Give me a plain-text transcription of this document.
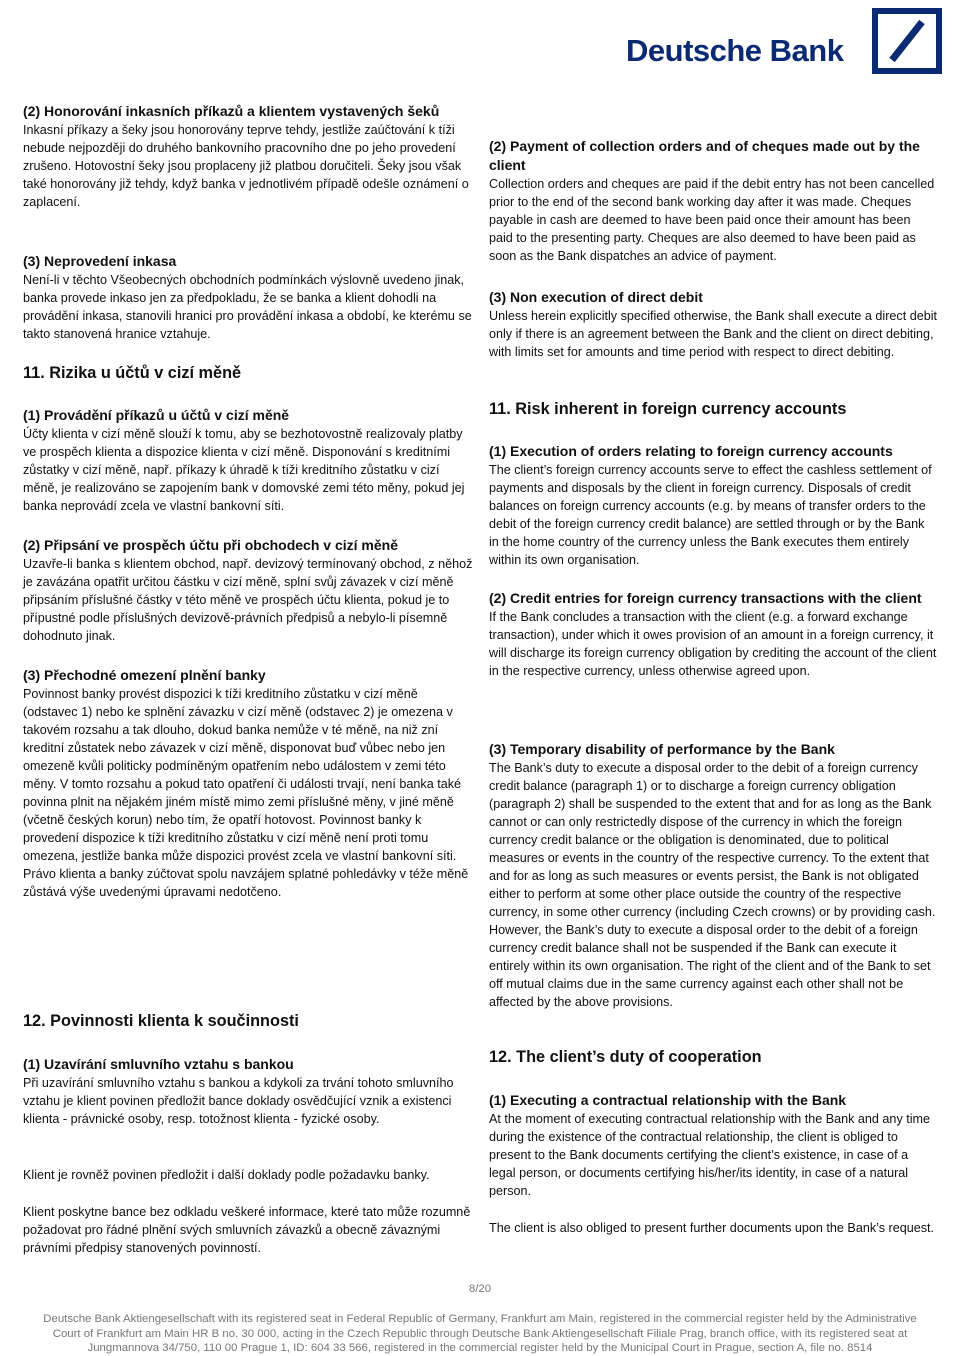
Deutsche Bank
(2) Honorování inkasních příkazů a klientem vystavených šeků

Inkasní příkazy a šeky jsou honorovány teprve tehdy, jestliže zaúčtování k tíži nebude nejpozději do druhého bankovního pracovního dne po jeho provedení zrušeno. Hotovostní šeky jsou proplaceny již platbou doručiteli. Šeky jsou však také honorovány již tehdy, když banka v jednotlivém případě odešle oznámení o zaplacení.

(3) Neprovedení inkasa

Není-li v těchto Všeobecných obchodních podmínkách výslovně uvedeno jinak, banka provede inkaso jen za předpokladu, že se banka a klient dohodli na provádění inkasa, stanovili hranici pro provádění inkasa a období, ke kterému se takto stanovená hranice vztahuje.

11. Rizika u účtů v cizí měně
(1) Provádění příkazů u účtů v cizí měně

Účty klienta v cizí měně slouží k tomu, aby se bezhotovostně realizovaly platby ve prospěch klienta a dispozice klienta v cizí měně. Disponování s kreditními zůstatky v cizí měně, např. příkazy k úhradě k tíži kreditního zůstatku v cizí měně, je realizováno se zapojením bank v domovské zemi této měny, pokud jej banka neprovádí zcela ve vlastní bankovní síti.

(2) Připsání ve prospěch účtu při obchodech v cizí měně

Uzavře-li banka s klientem obchod, např. devizový termínovaný obchod, z něhož je zavázána opatřit určitou částku v cizí měně, splní svůj závazek v cizí měně připsáním příslušné částky v této měně ve prospěch účtu klienta, pokud je to přípustné podle příslušných devizově-právních předpisů a nebylo-li písemně dohodnuto jinak.

(3) Přechodné omezení plnění banky

Povinnost banky provést dispozici k tíži kreditního zůstatku v cizí měně (odstavec 1) nebo ke splnění závazku v cizí měně (odstavec 2) je omezena v takovém rozsahu a tak dlouho, dokud banka nemůže v té měně, na niž zní kreditní zůstatek nebo závazek v cizí měně, disponovat buď vůbec nebo jen omezeně kvůli politicky podmíněným opatřením nebo událostem v zemi této měny. V tomto rozsahu a pokud tato opatření či události trvají, není banka také povinna plnit na nějakém jiném místě mimo zemi příslušné měny, v jiné měně (včetně českých korun) nebo tím, že opatří hotovost. Povinnost banky k provedení dispozice k tíži kreditního zůstatku v cizí měně není proti tomu omezena, jestliže banka může dispozici provést zcela ve vlastní bankovní síti. Právo klienta a banky zúčtovat spolu navzájem splatné pohledávky v téže měně zůstává výše uvedenými úpravami nedotčeno.

12. Povinnosti klienta k součinnosti
(1) Uzavírání smluvního vztahu s bankou

Při uzavírání smluvního vztahu s bankou a kdykoli za trvání tohoto smluvního vztahu je klient povinen předložit bance doklady osvědčující vznik a existenci klienta - právnické osoby, resp. totožnost klienta - fyzické osoby.

Klient je rovněž povinen předložit i další doklady podle požadavku banky.

Klient poskytne bance bez odkladu veškeré informace, které tato může rozumně požadovat pro řádné plnění svých smluvních závazků a obecně závaznými právními předpisy stanovených povinností.

(2) Payment of collection orders and of cheques made out by the client

Collection orders and cheques are paid if the debit entry has not been cancelled prior to the end of the second bank working day after it was made. Cheques payable in cash are deemed to have been paid once their amount has been paid to the presenting party. Cheques are also deemed to have been paid as soon as the Bank dispatches an advice of payment.

(3) Non execution of direct debit

Unless herein explicitly specified otherwise, the Bank shall execute a direct debit only if there is an agreement between the Bank and the client on direct debiting, with limits set for amounts and time period with respect to direct debiting.

11. Risk inherent in foreign currency accounts
(1) Execution of orders relating to foreign currency accounts

The client’s foreign currency accounts serve to effect the cashless settlement of payments and disposals by the client in foreign currency. Disposals of credit balances on foreign currency accounts (e.g. by means of transfer orders to the debit of the foreign currency credit balance) are settled through or by the Bank in the home country of the currency unless the Bank executes them entirely within its own organisation.

(2) Credit entries for foreign currency transactions with the client

If the Bank concludes a transaction with the client (e.g. a forward exchange transaction), under which it owes provision of an amount in a foreign currency, it will discharge its foreign currency obligation by crediting the account of the client in the respective currency, unless otherwise agreed upon.

(3) Temporary disability of performance by the Bank

The Bank’s duty to execute a disposal order to the debit of a foreign currency credit balance (paragraph 1) or to discharge a foreign currency obligation (paragraph 2) shall be suspended to the extent that and for as long as the Bank cannot or can only restrictedly dispose of the currency in which the foreign currency credit balance or the obligation is denominated, due to political measures or events in the country of the respective currency. To the extent that and for as long as such measures or events persist, the Bank is not obligated either to perform at some other place outside the country of the respective currency, in some other currency (including Czech crowns) or by providing cash. However, the Bank’s duty to execute a disposal order to the debit of a foreign currency credit balance shall not be suspended if the Bank can execute it entirely within its own organisation. The right of the client and of the Bank to set off mutual claims due in the same currency against each other shall not be affected by the above provisions.

12. The client’s duty of cooperation
(1) Executing a contractual relationship with the Bank

At the moment of executing contractual relationship with the Bank and any time during the existence of the contractual relationship, the client is obliged to present to the Bank documents certifying the client’s existence, in case of a legal person, or documents certifying his/her/its identity, in case of a natural person.

The client is also obliged to present further documents upon the Bank’s request.

8/20
Deutsche Bank Aktiengesellschaft with its registered seat in Federal Republic of Germany, Frankfurt am Main, registered in the commercial register held by the Administrative
Court of Frankfurt am Main HR B no. 30 000, acting in the Czech Republic through Deutsche Bank Aktiengesellschaft Filiale Prag, branch office, with its registered seat at
Jungmannova 34/750, 110 00 Prague 1, ID: 604 33 566, registered in the commercial register held by the Municipal Court in Prague, section A, file no. 8514
